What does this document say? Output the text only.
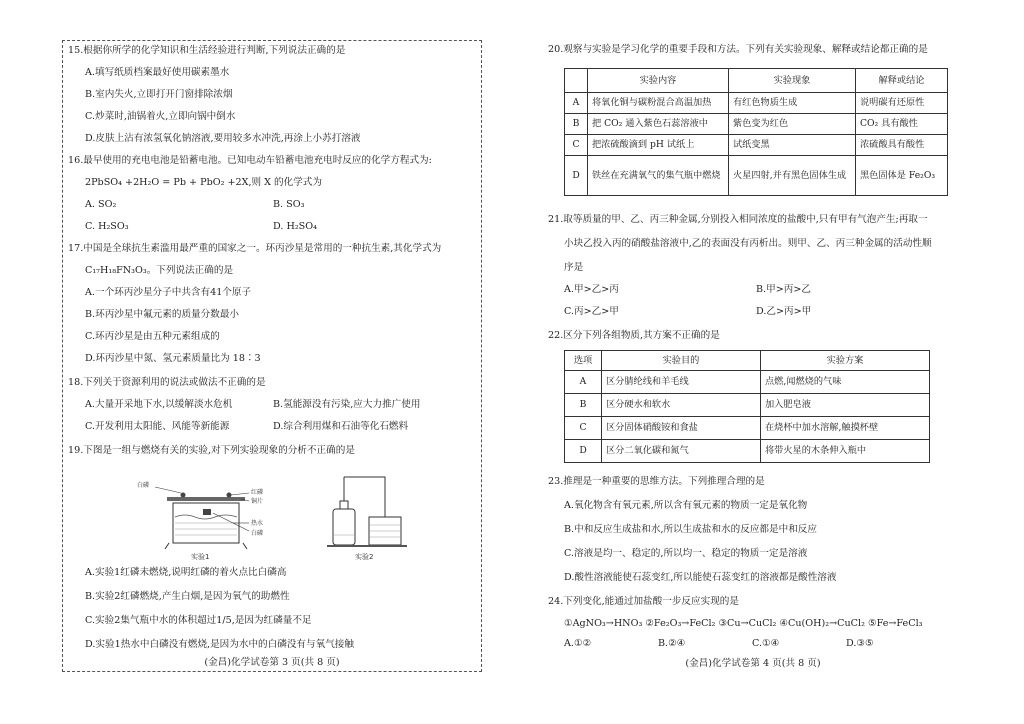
15.根据你所学的化学知识和生活经验进行判断,下列说法正确的是
A.填写纸质档案最好使用碳素墨水
B.室内失火,立即打开门窗排除浓烟
C.炒菜时,油锅着火,立即向锅中倒水
D.皮肤上沾有浓氢氧化钠溶液,要用较多水冲洗,再涂上小苏打溶液
16.最早使用的充电电池是铅蓄电池。已知电动车铅蓄电池充电时反应的化学方程式为:
2PbSO₄ +2H₂O = Pb + PbO₂ +2X,则 X 的化学式为
A. SO₂	B. SO₃
C. H₂SO₃	D. H₂SO₄
17.中国是全球抗生素滥用最严重的国家之一。环丙沙星是常用的一种抗生素,其化学式为
C₁₇H₁₈FN₃O₃。下列说法正确的是
A.一个环丙沙星分子中共含有41个原子
B.环丙沙星中氟元素的质量分数最小
C.环丙沙星是由五种元素组成的
D.环丙沙星中氮、氢元素质量比为 18∶3
18.下列关于资源利用的说法或做法不正确的是
A.大量开采地下水,以缓解淡水危机	B.氢能源没有污染,应大力推广使用
C.开发利用太阳能、风能等新能源	D.综合利用煤和石油等化石燃料
19.下图是一组与燃烧有关的实验,对下列实验现象的分析不正确的是
白磷
红磷
铜片
热水
白磷
实验1	实验2
A.实验1红磷未燃烧,说明红磷的着火点比白磷高
B.实验2红磷燃烧,产生白烟,是因为氧气的助燃性
C.实验2集气瓶中水的体积超过1/5,是因为红磷量不足
D.实验1热水中白磷没有燃烧,是因为水中的白磷没有与氧气接触
(金昌)化学试卷第 3 页(共 8 页)
20.观察与实验是学习化学的重要手段和方法。下列有关实验现象、解释或结论都正确的是
	实验内容	实验现象	解释或结论
A	将氧化铜与碳粉混合高温加热	有红色物质生成	说明碳有还原性
B	把 CO₂ 通入紫色石蕊溶液中	紫色变为红色	CO₂ 具有酸性
C	把浓硫酸滴到 pH 试纸上	试纸变黑	浓硫酸具有酸性
D	铁丝在充满氧气的集气瓶中燃烧	火星四射,并有黑色固体生成	黑色固体是 Fe₂O₃
21.取等质量的甲、乙、丙三种金属,分别投入相同浓度的盐酸中,只有甲有气泡产生;再取一
小块乙投入丙的硝酸盐溶液中,乙的表面没有丙析出。则甲、乙、丙三种金属的活动性顺
序是
A.甲>乙>丙	B.甲>丙>乙
C.丙>乙>甲	D.乙>丙>甲
22.区分下列各组物质,其方案不正确的是
选项	实验目的	实验方案
A	区分腈纶线和羊毛线	点燃,闻燃烧的气味
B	区分硬水和软水	加入肥皂液
C	区分固体硝酸铵和食盐	在烧杯中加水溶解,触摸杯壁
D	区分二氧化碳和氮气	将带火星的木条伸入瓶中
23.推理是一种重要的思维方法。下列推理合理的是
A.氧化物含有氧元素,所以含有氧元素的物质一定是氧化物
B.中和反应生成盐和水,所以生成盐和水的反应都是中和反应
C.溶液是均一、稳定的,所以均一、稳定的物质一定是溶液
D.酸性溶液能使石蕊变红,所以能使石蕊变红的溶液都是酸性溶液
24.下列变化,能通过加盐酸一步反应实现的是
①AgNO₃→HNO₃ ②Fe₂O₃→FeCl₂ ③Cu→CuCl₂ ④Cu(OH)₂→CuCl₂ ⑤Fe→FeCl₃
A.①②	B.②④	C.①④	D.③⑤
(金昌)化学试卷第 4 页(共 8 页)
